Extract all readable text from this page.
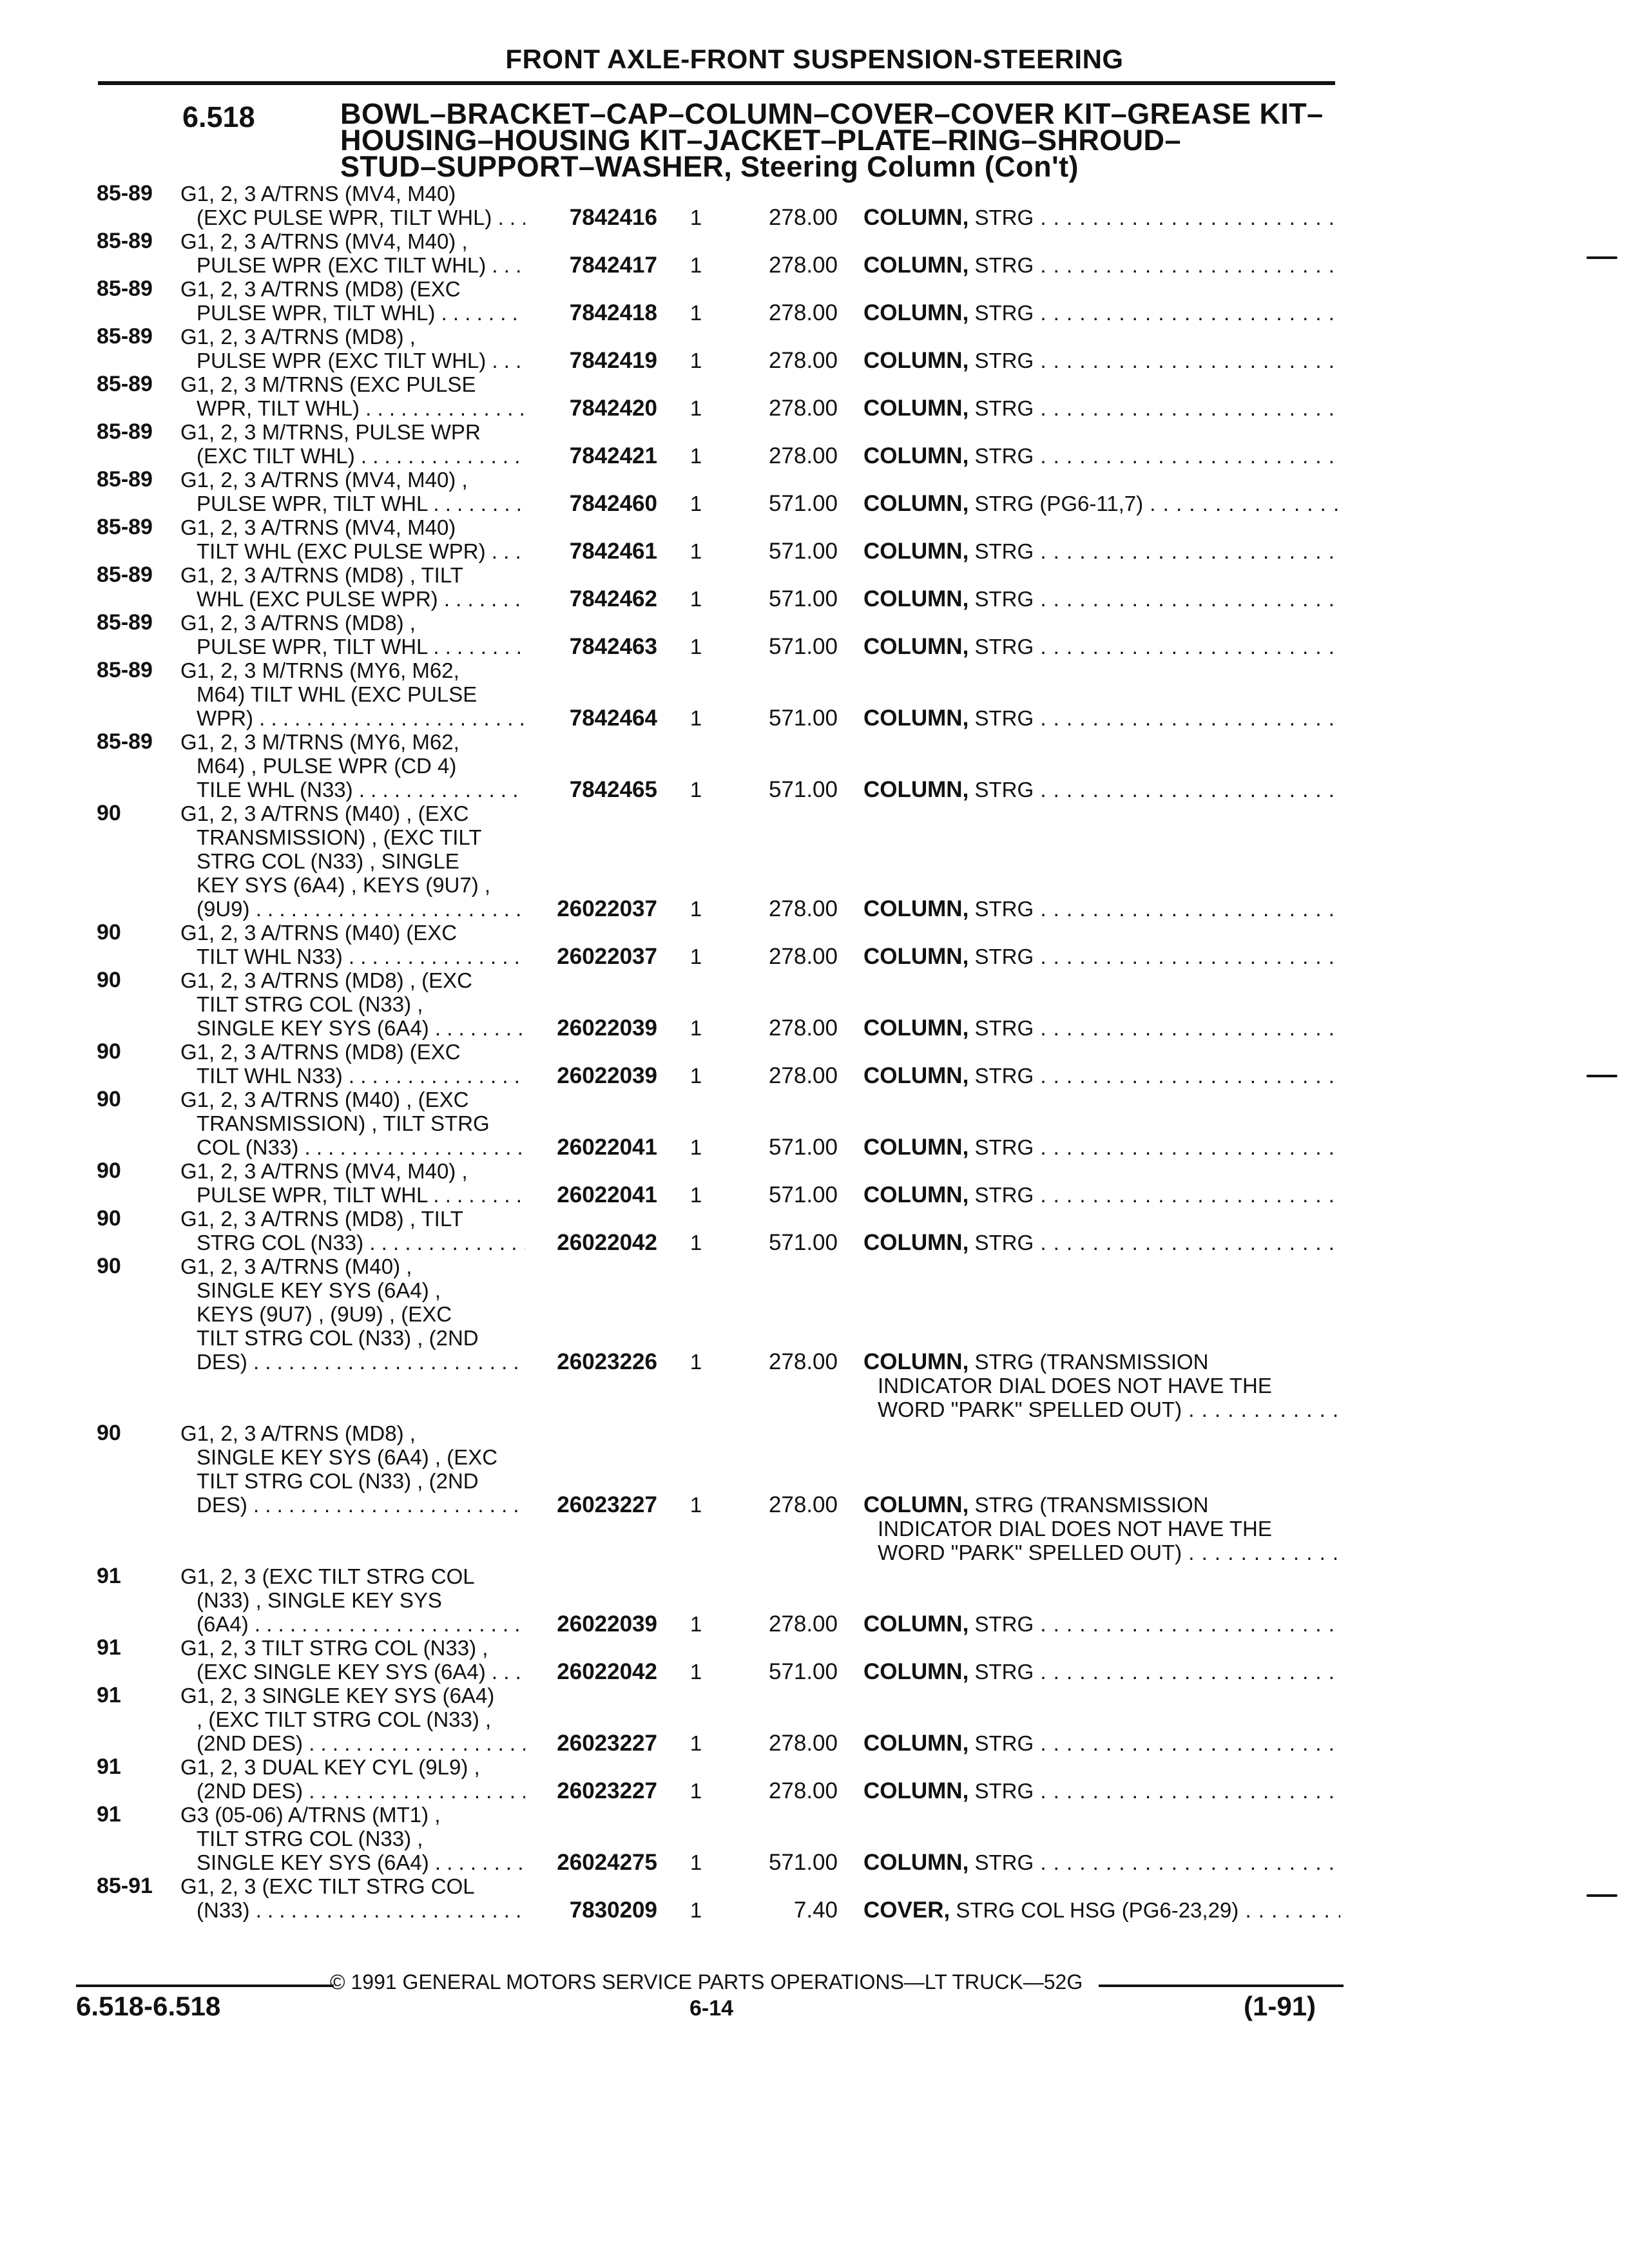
FRONT AXLE-FRONT SUSPENSION-STEERING
6.518	BOWL–BRACKET–CAP–COLUMN–COVER–COVER KIT–GREASE KIT–
HOUSING–HOUSING KIT–JACKET–PLATE–RING–SHROUD–
STUD–SUPPORT–WASHER, Steering Column (Con't)
85-89	G1, 2, 3 A/TRNS (MV4, M40)
(EXC PULSE WPR, TILT WHL) . . .	7842416	1	278.00 COLUMN, STRG . . .
85-89	G1, 2, 3 A/TRNS (MV4, M40) ,
PULSE WPR (EXC TILT WHL) . . .	7842417	1	278.00 COLUMN, STRG . . .
85-89	G1, 2, 3 A/TRNS (MD8) (EXC
PULSE WPR, TILT WHL) . . .	7842418	1	278.00 COLUMN, STRG . . .
85-89	G1, 2, 3 A/TRNS (MD8) ,
PULSE WPR (EXC TILT WHL) . . .	7842419	1	278.00 COLUMN, STRG . . .
85-89	G1, 2, 3 M/TRNS (EXC PULSE
WPR, TILT WHL) . . .	7842420	1	278.00 COLUMN, STRG . . .
85-89	G1, 2, 3 M/TRNS, PULSE WPR
(EXC TILT WHL) . . .	7842421	1	278.00 COLUMN, STRG . . .
85-89	G1, 2, 3 A/TRNS (MV4, M40) ,
PULSE WPR, TILT WHL . . .	7842460	1	571.00 COLUMN, STRG (PG6-11,7) . . .
85-89	G1, 2, 3 A/TRNS (MV4, M40)
TILT WHL (EXC PULSE WPR) . . .	7842461	1	571.00 COLUMN, STRG . . .
85-89	G1, 2, 3 A/TRNS (MD8) , TILT
WHL (EXC PULSE WPR) . . .	7842462	1	571.00 COLUMN, STRG . . .
85-89	G1, 2, 3 A/TRNS (MD8) ,
PULSE WPR, TILT WHL . . .	7842463	1	571.00 COLUMN, STRG . . .
85-89	G1, 2, 3 M/TRNS (MY6, M62,
M64) TILT WHL (EXC PULSE
WPR) . . .	7842464	1	571.00 COLUMN, STRG . . .
85-89	G1, 2, 3 M/TRNS (MY6, M62,
M64) , PULSE WPR (CD 4)
TILE WHL (N33) . . .	7842465	1	571.00 COLUMN, STRG . . .
90	G1, 2, 3 A/TRNS (M40) , (EXC
TRANSMISSION) , (EXC TILT
STRG COL (N33) , SINGLE
KEY SYS (6A4) , KEYS (9U7) ,
(9U9) . . .	26022037	1	278.00 COLUMN, STRG . . .
90	G1, 2, 3 A/TRNS (M40) (EXC
TILT WHL N33) . . .	26022037	1	278.00 COLUMN, STRG . . .
90	G1, 2, 3 A/TRNS (MD8) , (EXC
TILT STRG COL (N33) ,
SINGLE KEY SYS (6A4) . . .	26022039	1	278.00 COLUMN, STRG . . .
90	G1, 2, 3 A/TRNS (MD8) (EXC
TILT WHL N33) . . .	26022039	1	278.00 COLUMN, STRG . . .
90	G1, 2, 3 A/TRNS (M40) , (EXC
TRANSMISSION) , TILT STRG
COL (N33) . . .	26022041	1	571.00 COLUMN, STRG . . .
90	G1, 2, 3 A/TRNS (MV4, M40) ,
PULSE WPR, TILT WHL . . .	26022041	1	571.00 COLUMN, STRG . . .
90	G1, 2, 3 A/TRNS (MD8) , TILT
STRG COL (N33) . . .	26022042	1	571.00 COLUMN, STRG . . .
90	G1, 2, 3 A/TRNS (M40) ,
SINGLE KEY SYS (6A4) ,
KEYS (9U7) , (9U9) , (EXC
TILT STRG COL (N33) , (2ND
DES) . . .	26023226	1	278.00 COLUMN, STRG (TRANSMISSION
INDICATOR DIAL DOES NOT HAVE THE
WORD "PARK" SPELLED OUT) . . .
90	G1, 2, 3 A/TRNS (MD8) ,
SINGLE KEY SYS (6A4) , (EXC
TILT STRG COL (N33) , (2ND
DES) . . .	26023227	1	278.00 COLUMN, STRG (TRANSMISSION
INDICATOR DIAL DOES NOT HAVE THE
WORD "PARK" SPELLED OUT) . . .
91	G1, 2, 3 (EXC TILT STRG COL
(N33) , SINGLE KEY SYS
(6A4) . . .	26022039	1	278.00 COLUMN, STRG . . .
91	G1, 2, 3 TILT STRG COL (N33) ,
(EXC SINGLE KEY SYS (6A4) . . .	26022042	1	571.00 COLUMN, STRG . . .
91	G1, 2, 3 SINGLE KEY SYS (6A4)
, (EXC TILT STRG COL (N33) ,
(2ND DES) . . .	26023227	1	278.00 COLUMN, STRG . . .
91	G1, 2, 3 DUAL KEY CYL (9L9) ,
(2ND DES) . . .	26023227	1	278.00 COLUMN, STRG . . .
91	G3 (05-06) A/TRNS (MT1) ,
TILT STRG COL (N33) ,
SINGLE KEY SYS (6A4) . . .	26024275	1	571.00 COLUMN, STRG . . .
85-91	G1, 2, 3 (EXC TILT STRG COL
(N33) . . .	7830209	1	7.40 COVER, STRG COL HSG (PG6-23,29) . . .
© 1991 GENERAL MOTORS SERVICE PARTS OPERATIONS—LT TRUCK—52G
6.518-6.518	6-14	(1-91)
